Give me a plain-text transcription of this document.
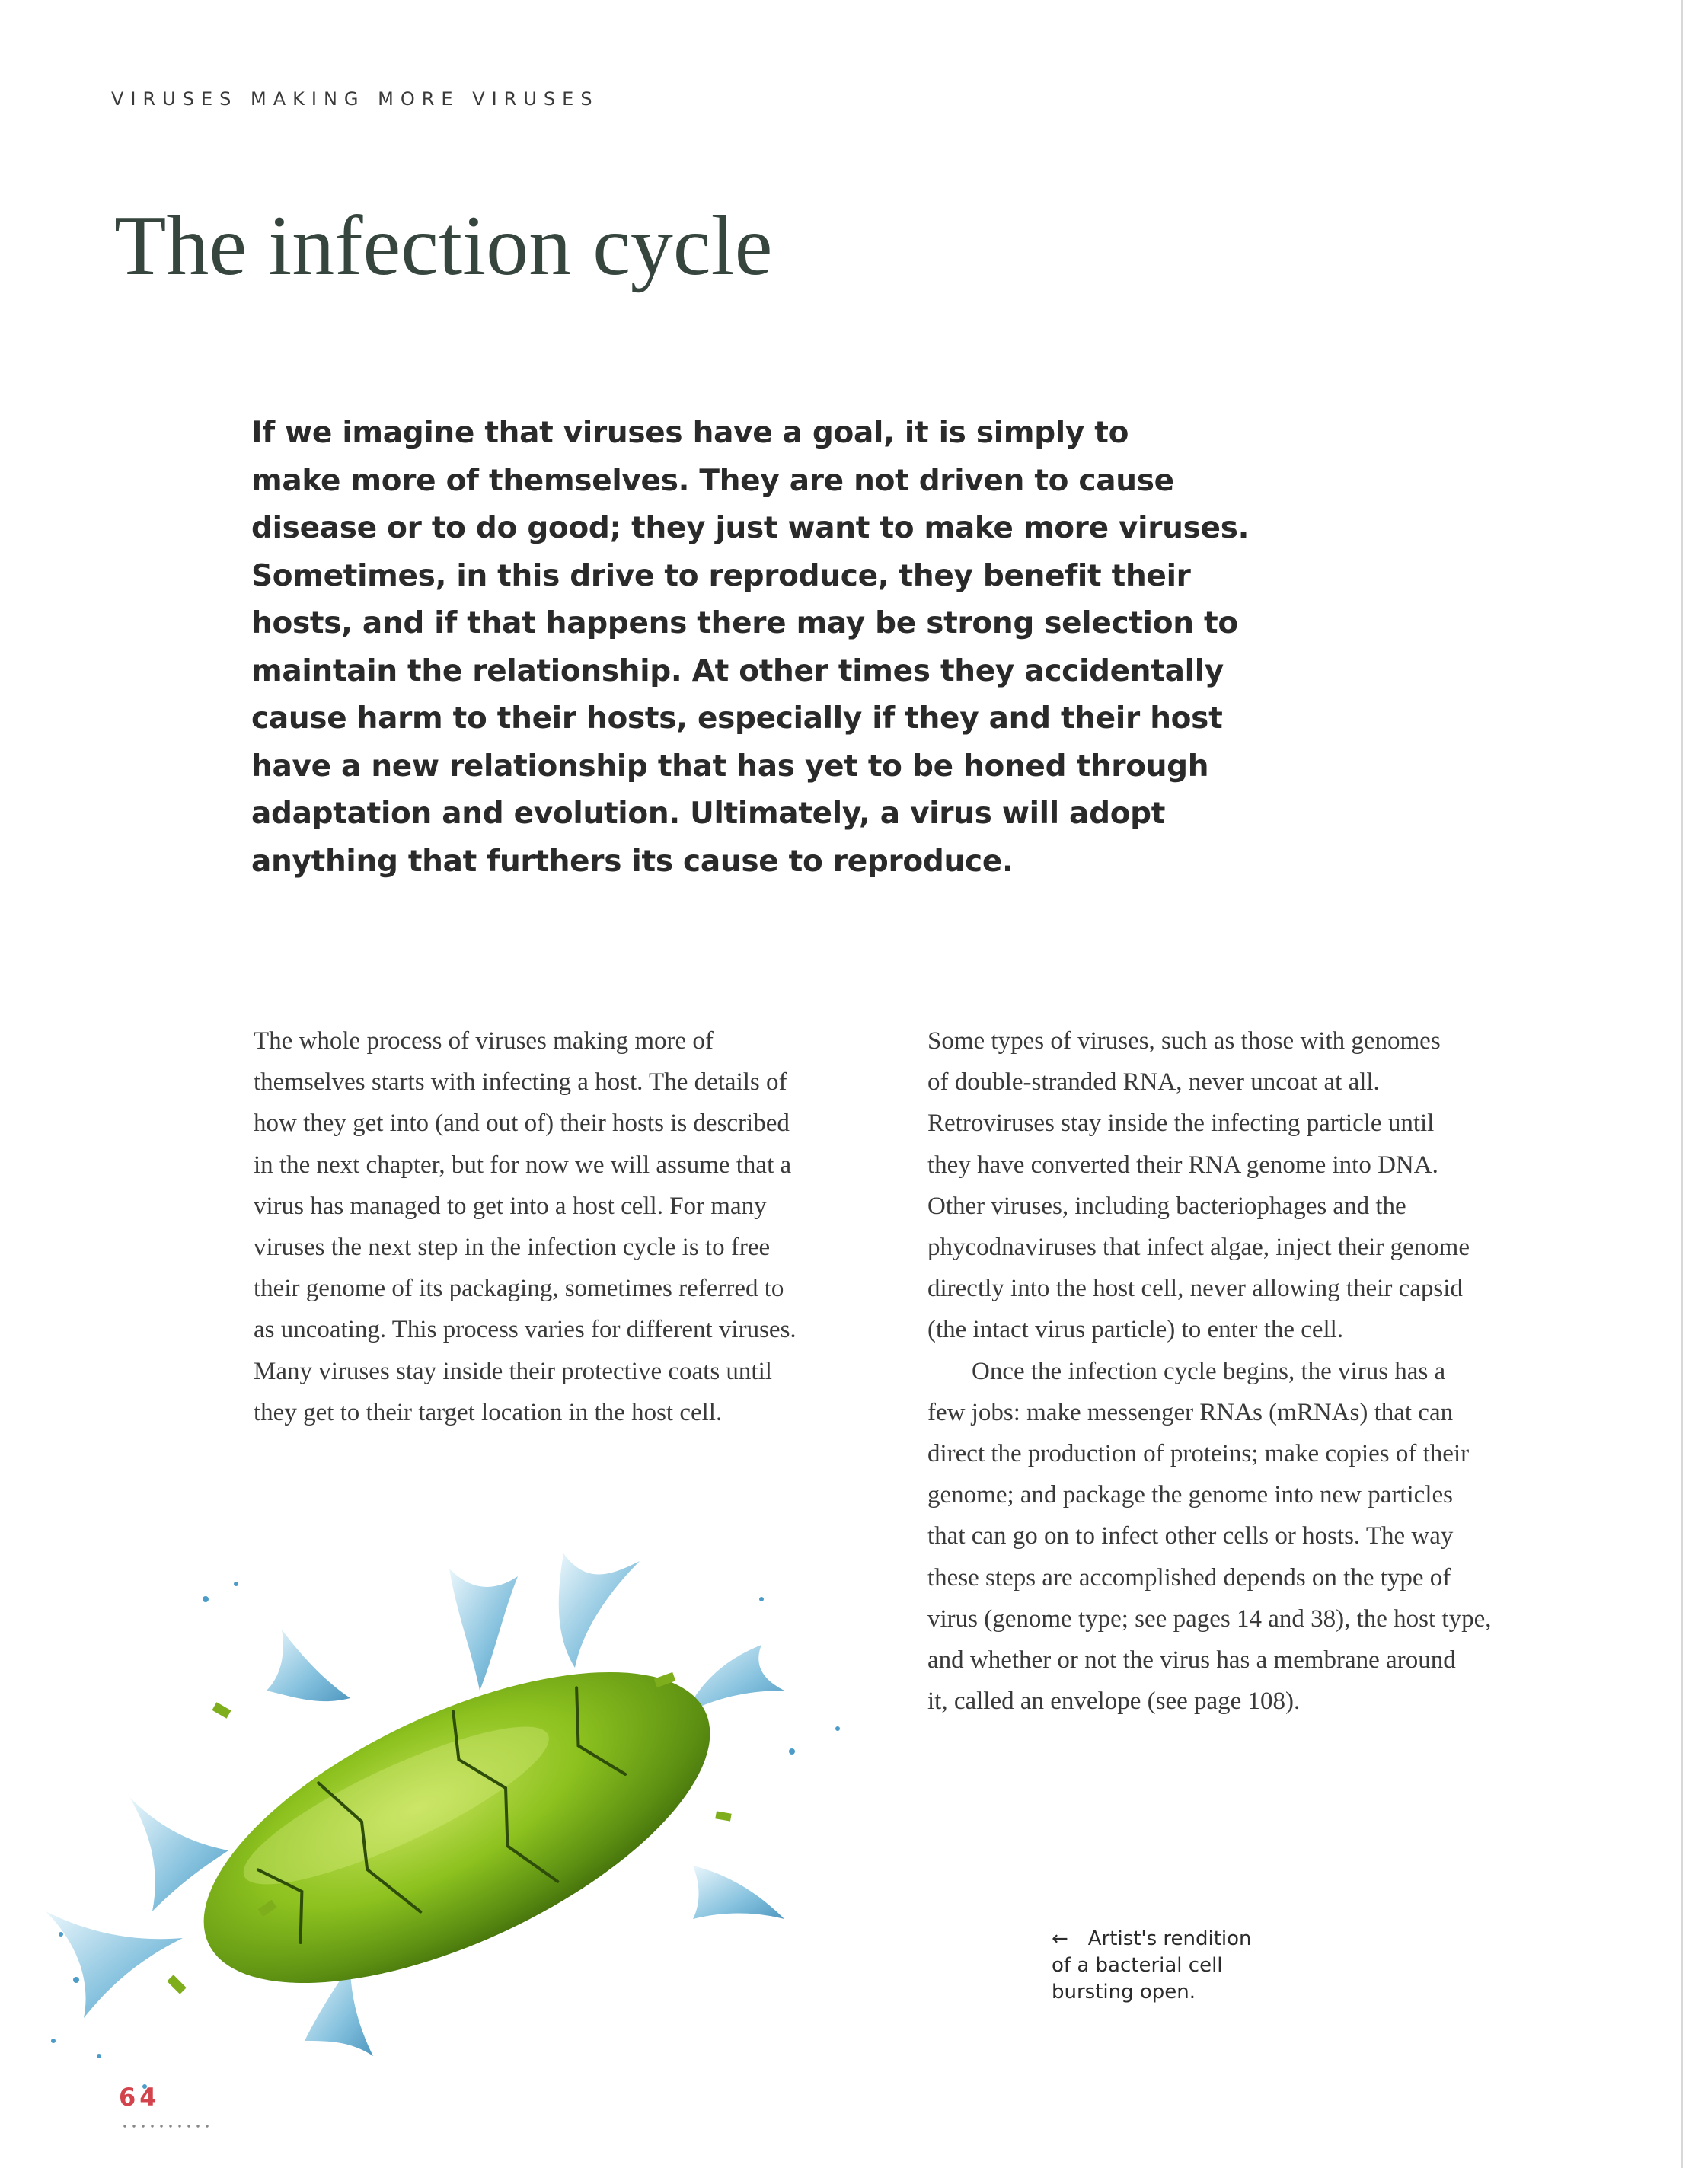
VIRUSES MAKING MORE VIRUSES
The infection cycle

If we imagine that viruses have a goal, it is simply to
make more of themselves. They are not driven to cause
disease or to do good; they just want to make more viruses.
Sometimes, in this drive to reproduce, they benefit their
hosts, and if that happens there may be strong selection to
maintain the relationship. At other times they accidentally
cause harm to their hosts, especially if they and their host
have a new relationship that has yet to be honed through
adaptation and evolution. Ultimately, a virus will adopt
anything that furthers its cause to reproduce.

The whole process of viruses making more of
themselves starts with infecting a host. The details of
how they get into (and out of) their hosts is described
in the next chapter, but for now we will assume that a
virus has managed to get into a host cell. For many
viruses the next step in the infection cycle is to free
their genome of its packaging, sometimes referred to
as uncoating. This process varies for different viruses.
Many viruses stay inside their protective coats until
they get to their target location in the host cell.
Some types of viruses, such as those with genomes
of double-stranded RNA, never uncoat at all.
Retroviruses stay inside the infecting particle until
they have converted their RNA genome into DNA.
Other viruses, including bacteriophages and the
phycodnaviruses that infect algae, inject their genome
directly into the host cell, never allowing their capsid
(the intact virus particle) to enter the cell.
Once the infection cycle begins, the virus has a
few jobs: make messenger RNAs (mRNAs) that can
direct the production of proteins; make copies of their
genome; and package the genome into new particles
that can go on to infect other cells or hosts. The way
these steps are accomplished depends on the type of
virus (genome type; see pages 14 and 38), the host type,
and whether or not the virus has a membrane around
it, called an envelope (see page 108).
← Artist's rendition
of a bacterial cell
bursting open.
64
